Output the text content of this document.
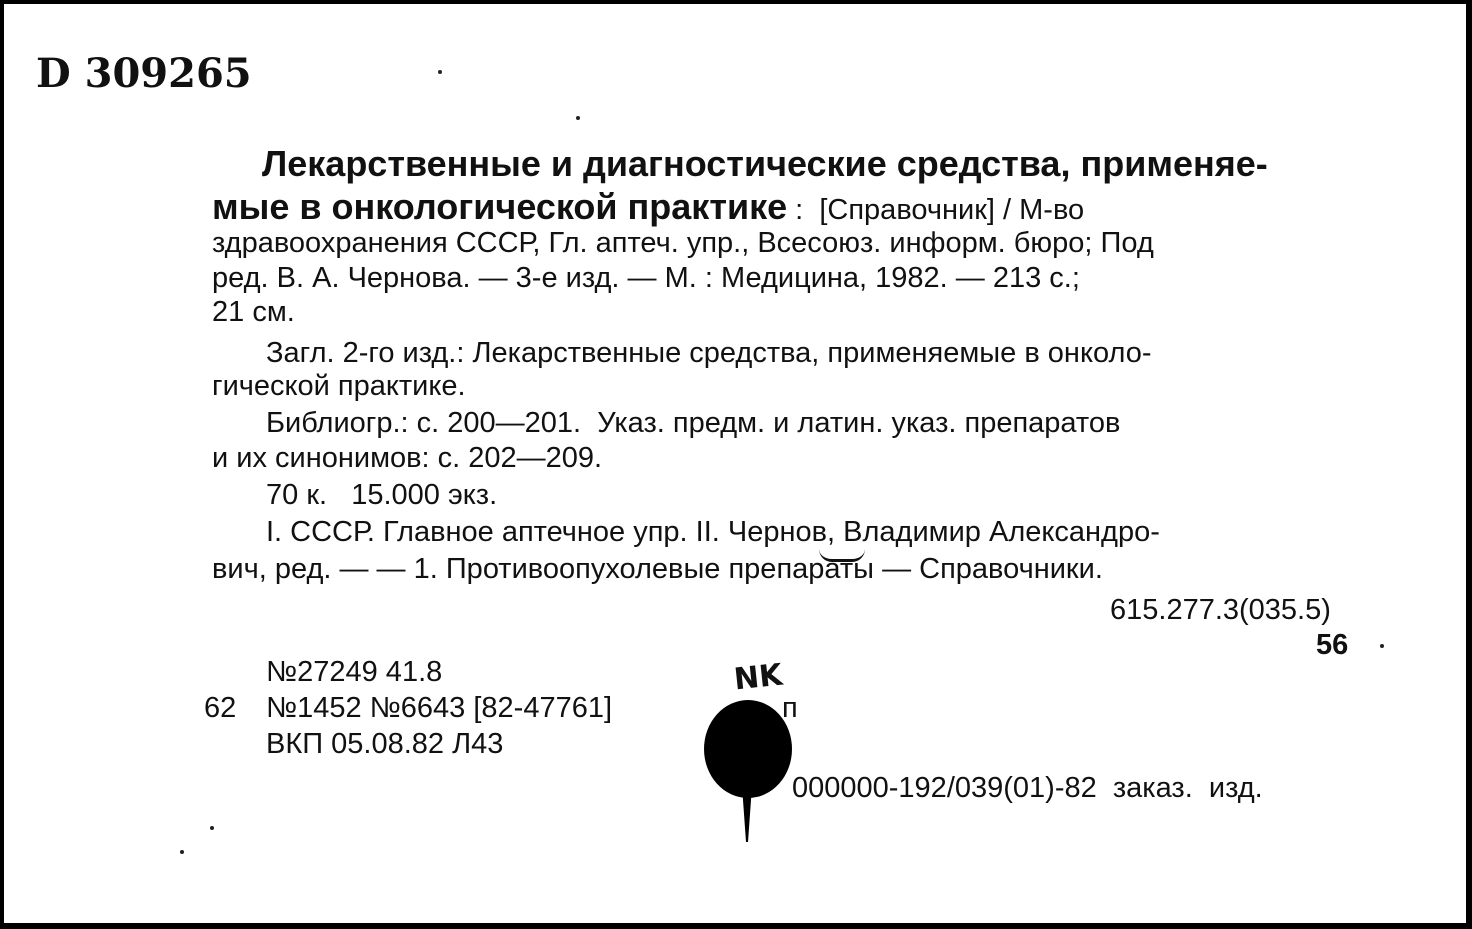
D 309265
Лекарственные и диагностические средства, применяе-
мые в онкологической практике :  [Справочник] / М-во
здравоохранения СССР, Гл. аптеч. упр., Всесоюз. информ. бюро; Под
ред. В. А. Чернова. — 3-е изд. — М. : Медицина, 1982. — 213 с.;
21 см.
Загл. 2-го изд.: Лекарственные средства, применяемые в онколо-
гической практике.
Библиогр.: с. 200—201.  Указ. предм. и латин. указ. препаратов
и их синонимов: с. 202—209.
70 к.   15.000 экз.
I. СССР. Главное аптечное упр. II. Чернов, Владимир Александро-
вич, ред. — — 1. Противоопухолевые препараты — Справочники.
615.277.3(035.5)
56
№27249 41.8
62 №1452 №6643 [82-47761]	п
ВКП 05.08.82 Л43
NK
000000-192/039(01)-82  заказ.  изд.
